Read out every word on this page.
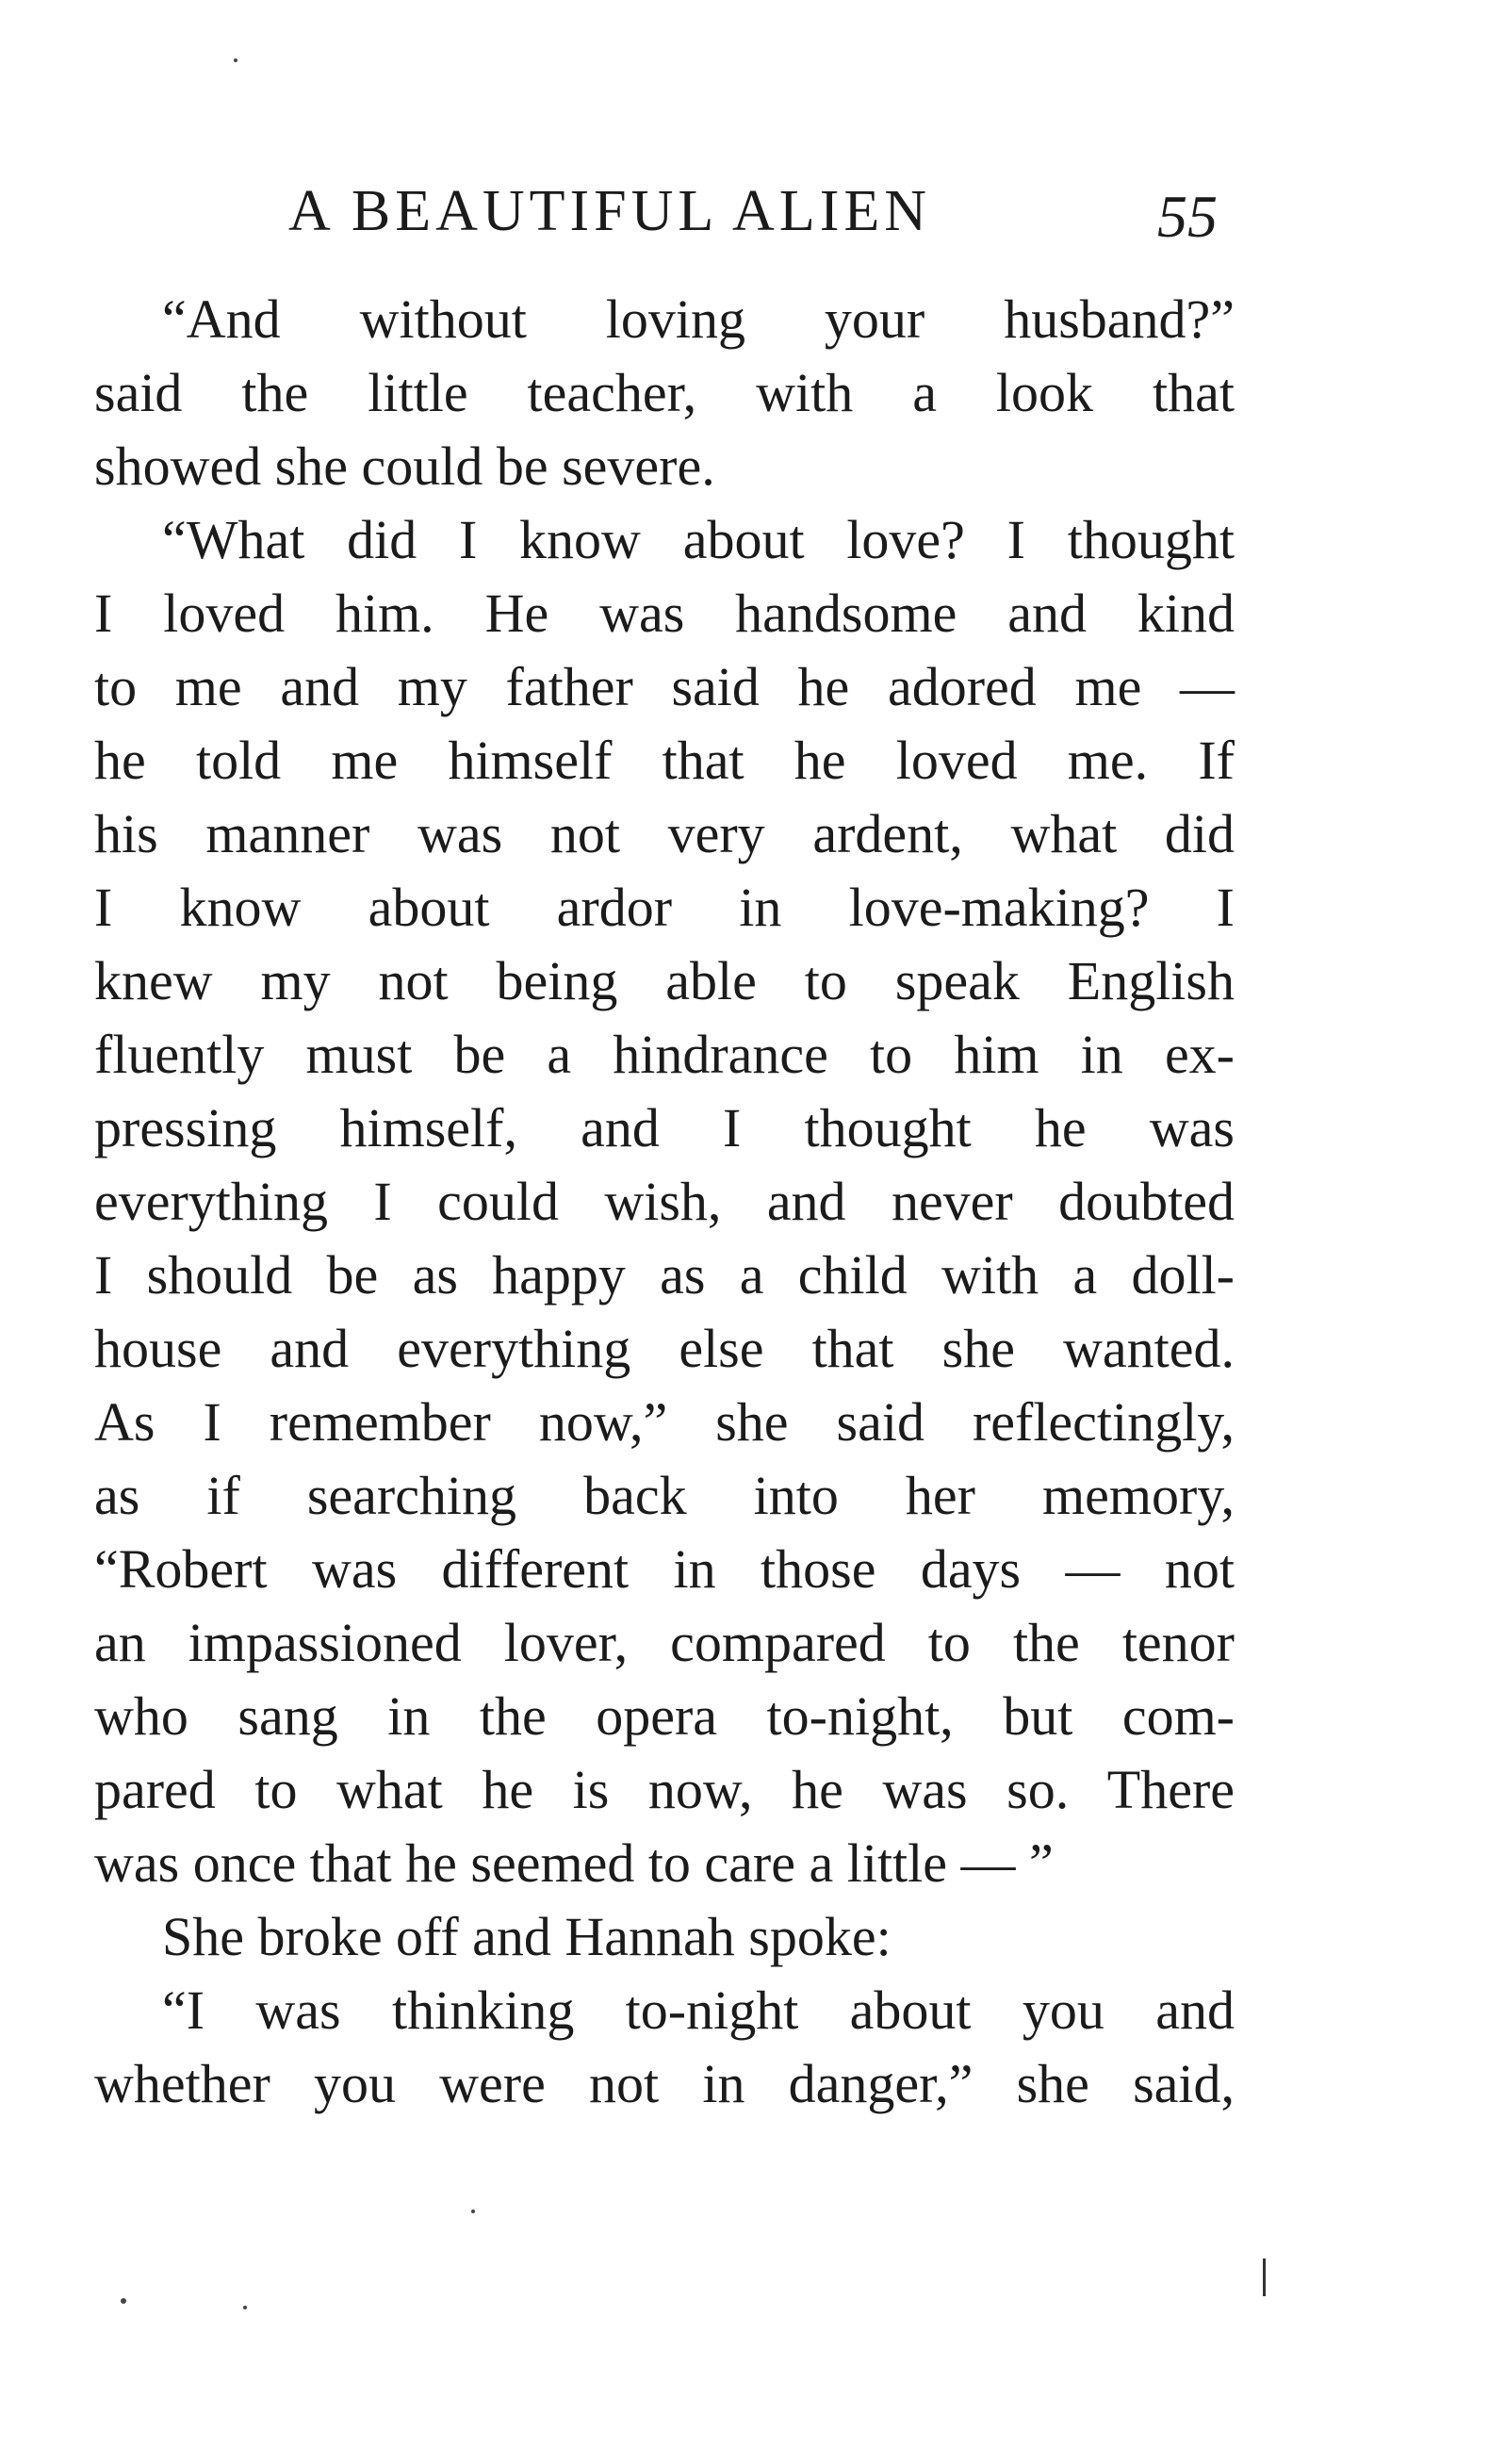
A BEAUTIFUL ALIEN	55
“And without loving your husband?”
said the little teacher, with a look that
showed she could be severe.
“What did I know about love? I thought
I loved him. He was handsome and kind
to me and my father said he adored me —
he told me himself that he loved me. If
his manner was not very ardent, what did
I know about ardor in love-making? I
knew my not being able to speak English
fluently must be a hindrance to him in ex-
pressing himself, and I thought he was
everything I could wish, and never doubted
I should be as happy as a child with a doll-
house and everything else that she wanted.
As I remember now,” she said reflectingly,
as if searching back into her memory,
“Robert was different in those days — not
an impassioned lover, compared to the tenor
who sang in the opera to-night, but com-
pared to what he is now, he was so. There
was once that he seemed to care a little — ”
She broke off and Hannah spoke:
“I was thinking to-night about you and
whether you were not in danger,” she said,
